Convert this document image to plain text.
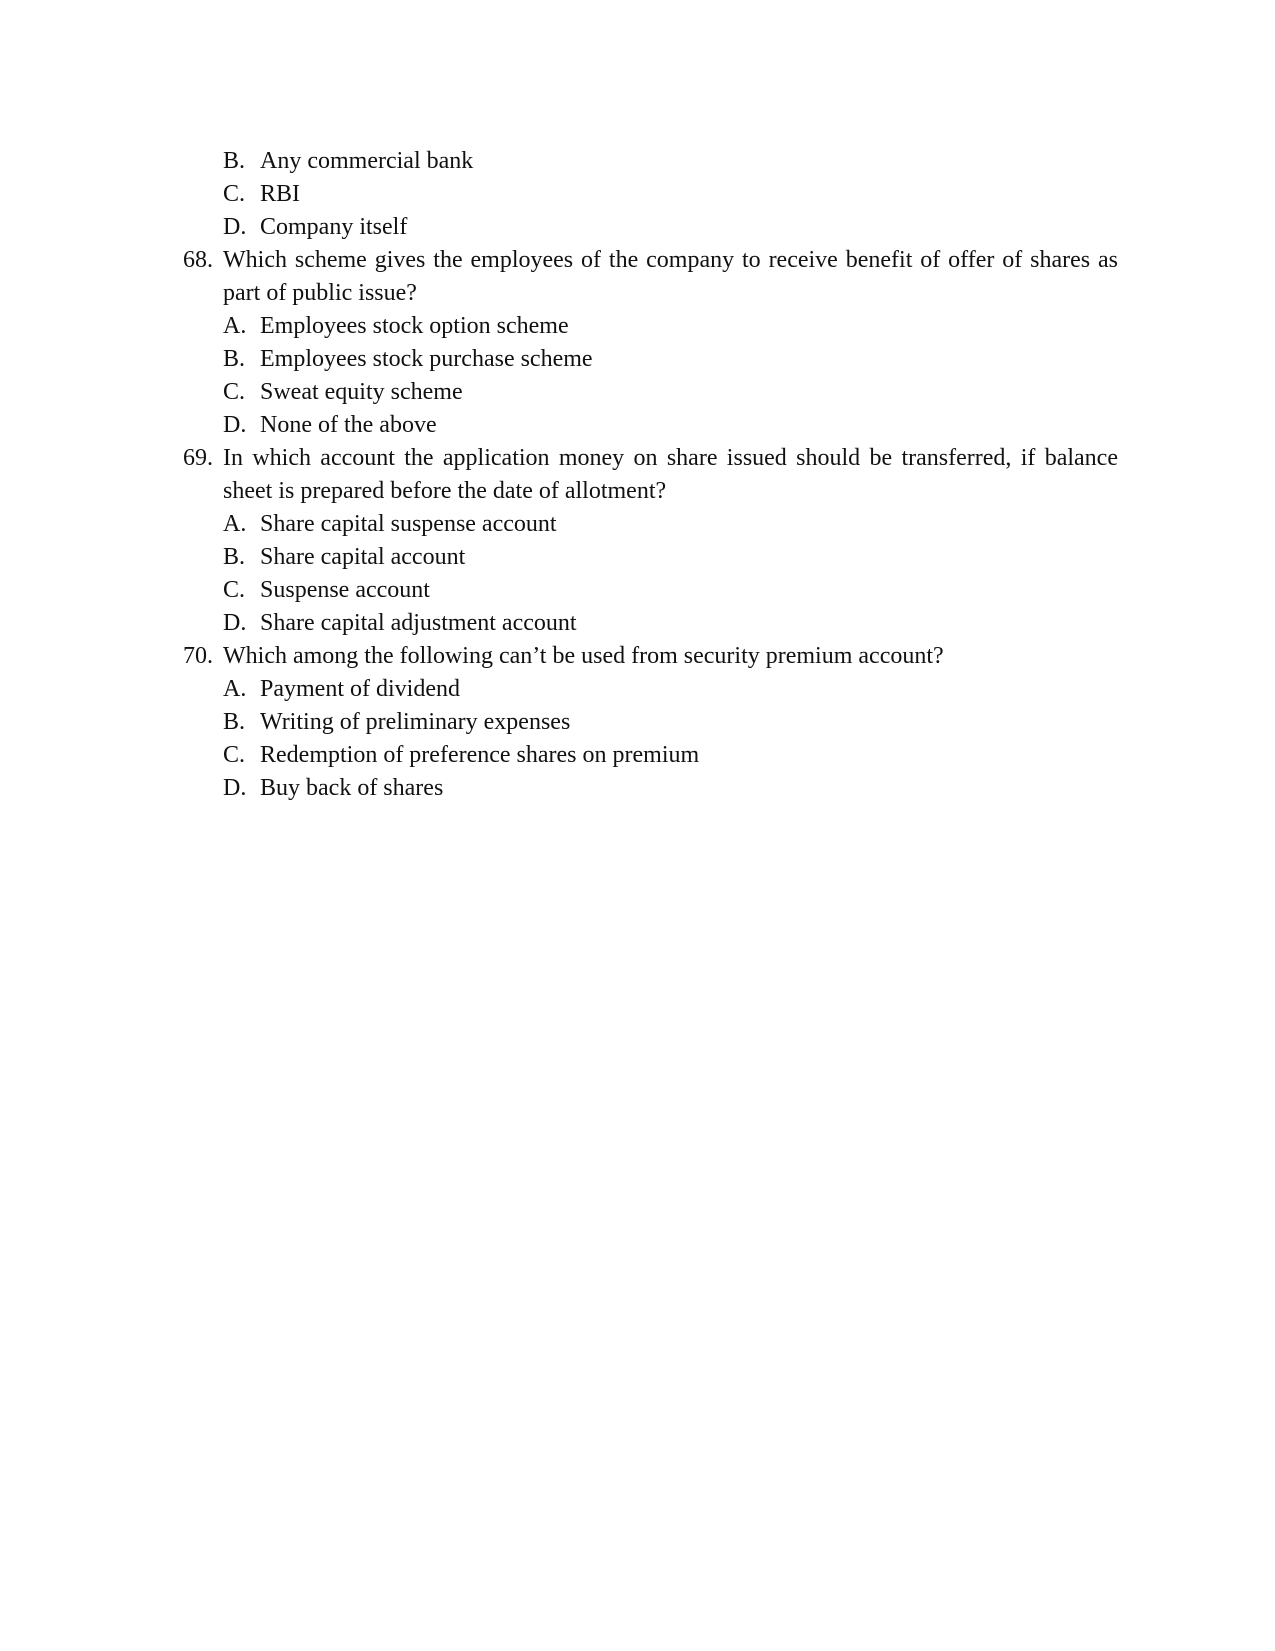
B. Any commercial bank
C. RBI
D. Company itself
68. Which scheme gives the employees of the company to receive benefit of offer of shares as part of public issue?
A. Employees stock option scheme
B. Employees stock purchase scheme
C. Sweat equity scheme
D. None of the above
69. In which account the application money on share issued should be transferred, if balance sheet is prepared before the date of allotment?
A. Share capital suspense account
B. Share capital account
C. Suspense account
D. Share capital adjustment account
70. Which among the following can’t be used from security premium account?
A. Payment of dividend
B. Writing of preliminary expenses
C. Redemption of preference shares on premium
D. Buy back of shares
